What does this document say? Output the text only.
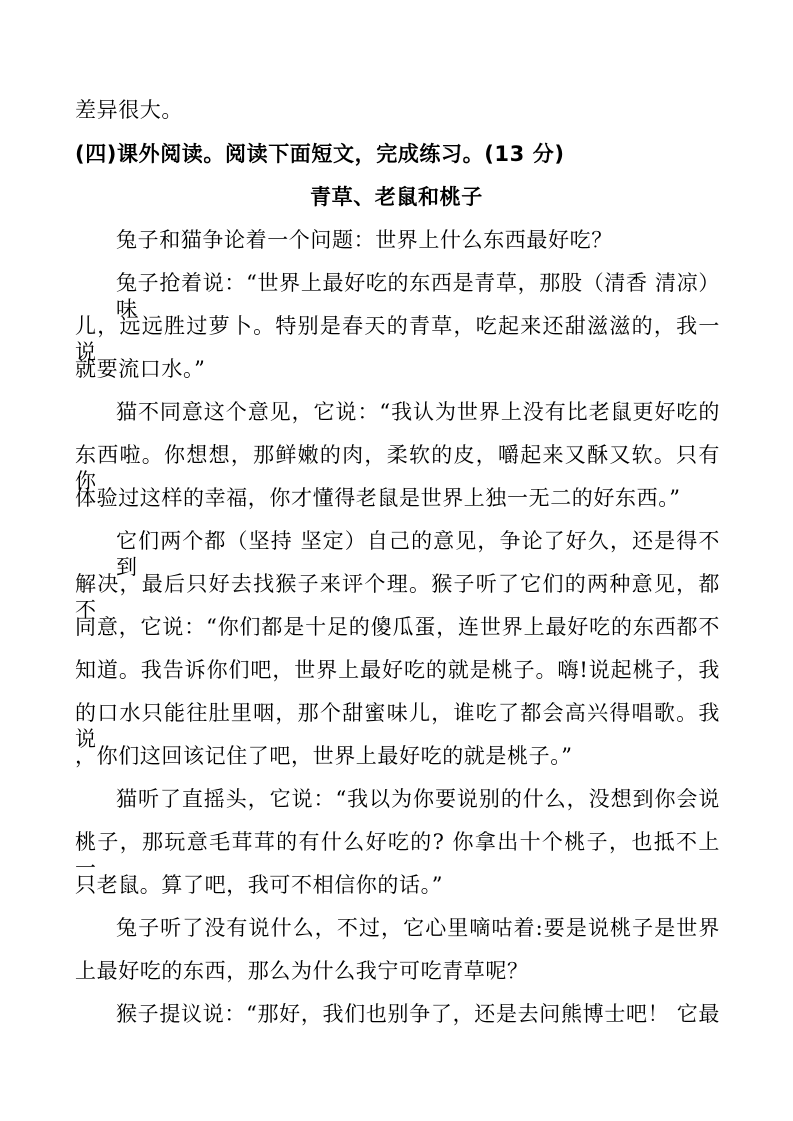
差异很大。
(四)课外阅读。阅读下面短文，完成练习。(13 分)
青草、老鼠和桃子
兔子和猫争论着一个问题：世界上什么东西最好吃？
兔子抢着说：“世界上最好吃的东西是青草，那股（清香 清凉）味
儿，远远胜过萝卜。特别是春天的青草，吃起来还甜滋滋的，我一说
就要流口水。”
猫不同意这个意见，它说：“我认为世界上没有比老鼠更好吃的
东西啦。你想想，那鲜嫩的肉，柔软的皮，嚼起来又酥又软。只有你
体验过这样的幸福，你才懂得老鼠是世界上独一无二的好东西。”
它们两个都（坚持 坚定）自己的意见，争论了好久，还是得不到
解决，最后只好去找猴子来评个理。猴子听了它们的两种意见，都不
同意，它说：“你们都是十足的傻瓜蛋，连世界上最好吃的东西都不
知道。我告诉你们吧，世界上最好吃的就是桃子。嗨!说起桃子，我
的口水只能往肚里咽，那个甜蜜味儿，谁吃了都会高兴得唱歌。我说
，你们这回该记住了吧，世界上最好吃的就是桃子。”
猫听了直摇头，它说：“我以为你要说别的什么，没想到你会说
桃子，那玩意毛茸茸的有什么好吃的? 你拿出十个桃子，也抵不上一
只老鼠。算了吧，我可不相信你的话。”
兔子听了没有说什么，不过，它心里嘀咕着:要是说桃子是世界
上最好吃的东西，那么为什么我宁可吃青草呢？
猴子提议说：“那好，我们也别争了，还是去问熊博士吧！ 它最
